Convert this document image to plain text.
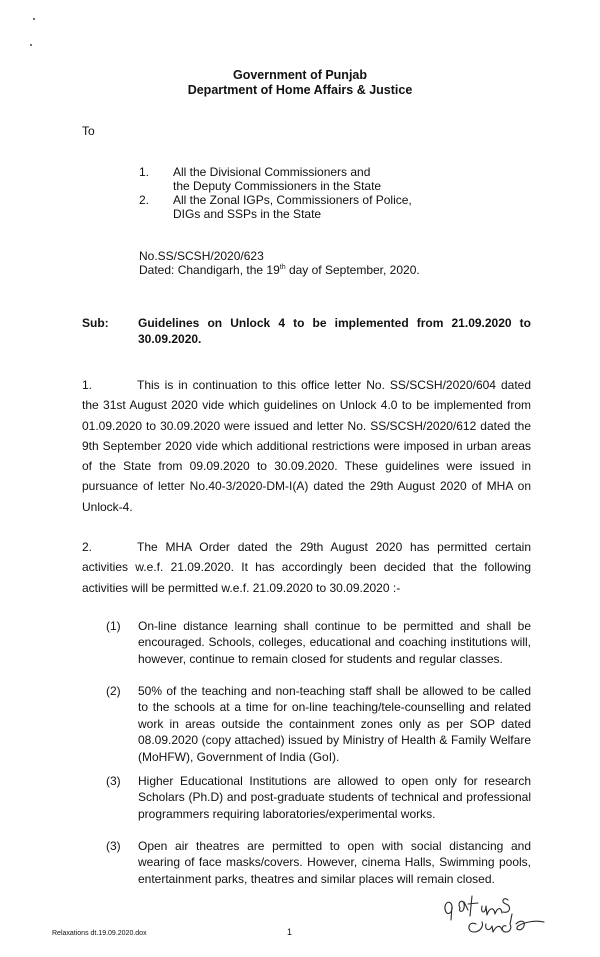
Government of Punjab
Department of Home Affairs & Justice
To
1. All the Divisional Commissioners and
the Deputy Commissioners in the State
2. All the Zonal IGPs, Commissioners of Police,
DIGs and SSPs in the State
No.SS/SCSH/2020/623
Dated: Chandigarh, the 19th day of September, 2020.
Sub: Guidelines on Unlock 4 to be implemented from 21.09.2020 to
30.09.2020.
1.	This is in continuation to this office letter No. SS/SCSH/2020/604 dated
the 31st August 2020 vide which guidelines on Unlock 4.0 to be implemented from 01.09.2020 to 30.09.2020 were issued and letter No. SS/SCSH/2020/612 dated the 9th September 2020 vide which additional restrictions were imposed in urban areas of the State from 09.09.2020 to 30.09.2020. These guidelines were issued in pursuance of letter No.40-3/2020-DM-I(A) dated the 29th August 2020 of MHA on Unlock-4.
2.	The MHA Order dated the 29th August 2020 has permitted certain
activities w.e.f. 21.09.2020. It has accordingly been decided that the following activities will be permitted w.e.f. 21.09.2020 to 30.09.2020 :-
(1) On-line distance learning shall continue to be permitted and shall be encouraged. Schools, colleges, educational and coaching institutions will, however, continue to remain closed for students and regular classes.
(2) 50% of the teaching and non-teaching staff shall be allowed to be called to the schools at a time for on-line teaching/tele-counselling and related work in areas outside the containment zones only as per SOP dated 08.09.2020 (copy attached) issued by Ministry of Health & Family Welfare (MoHFW), Government of India (GoI).
(3) Higher Educational Institutions are allowed to open only for research Scholars (Ph.D) and post-graduate students of technical and professional programmers requiring laboratories/experimental works.
(3) Open air theatres are permitted to open with social distancing and wearing of face masks/covers. However, cinema Halls, Swimming pools, entertainment parks, theatres and similar places will remain closed.
Relaxations dt.19.09.2020.dox	1
